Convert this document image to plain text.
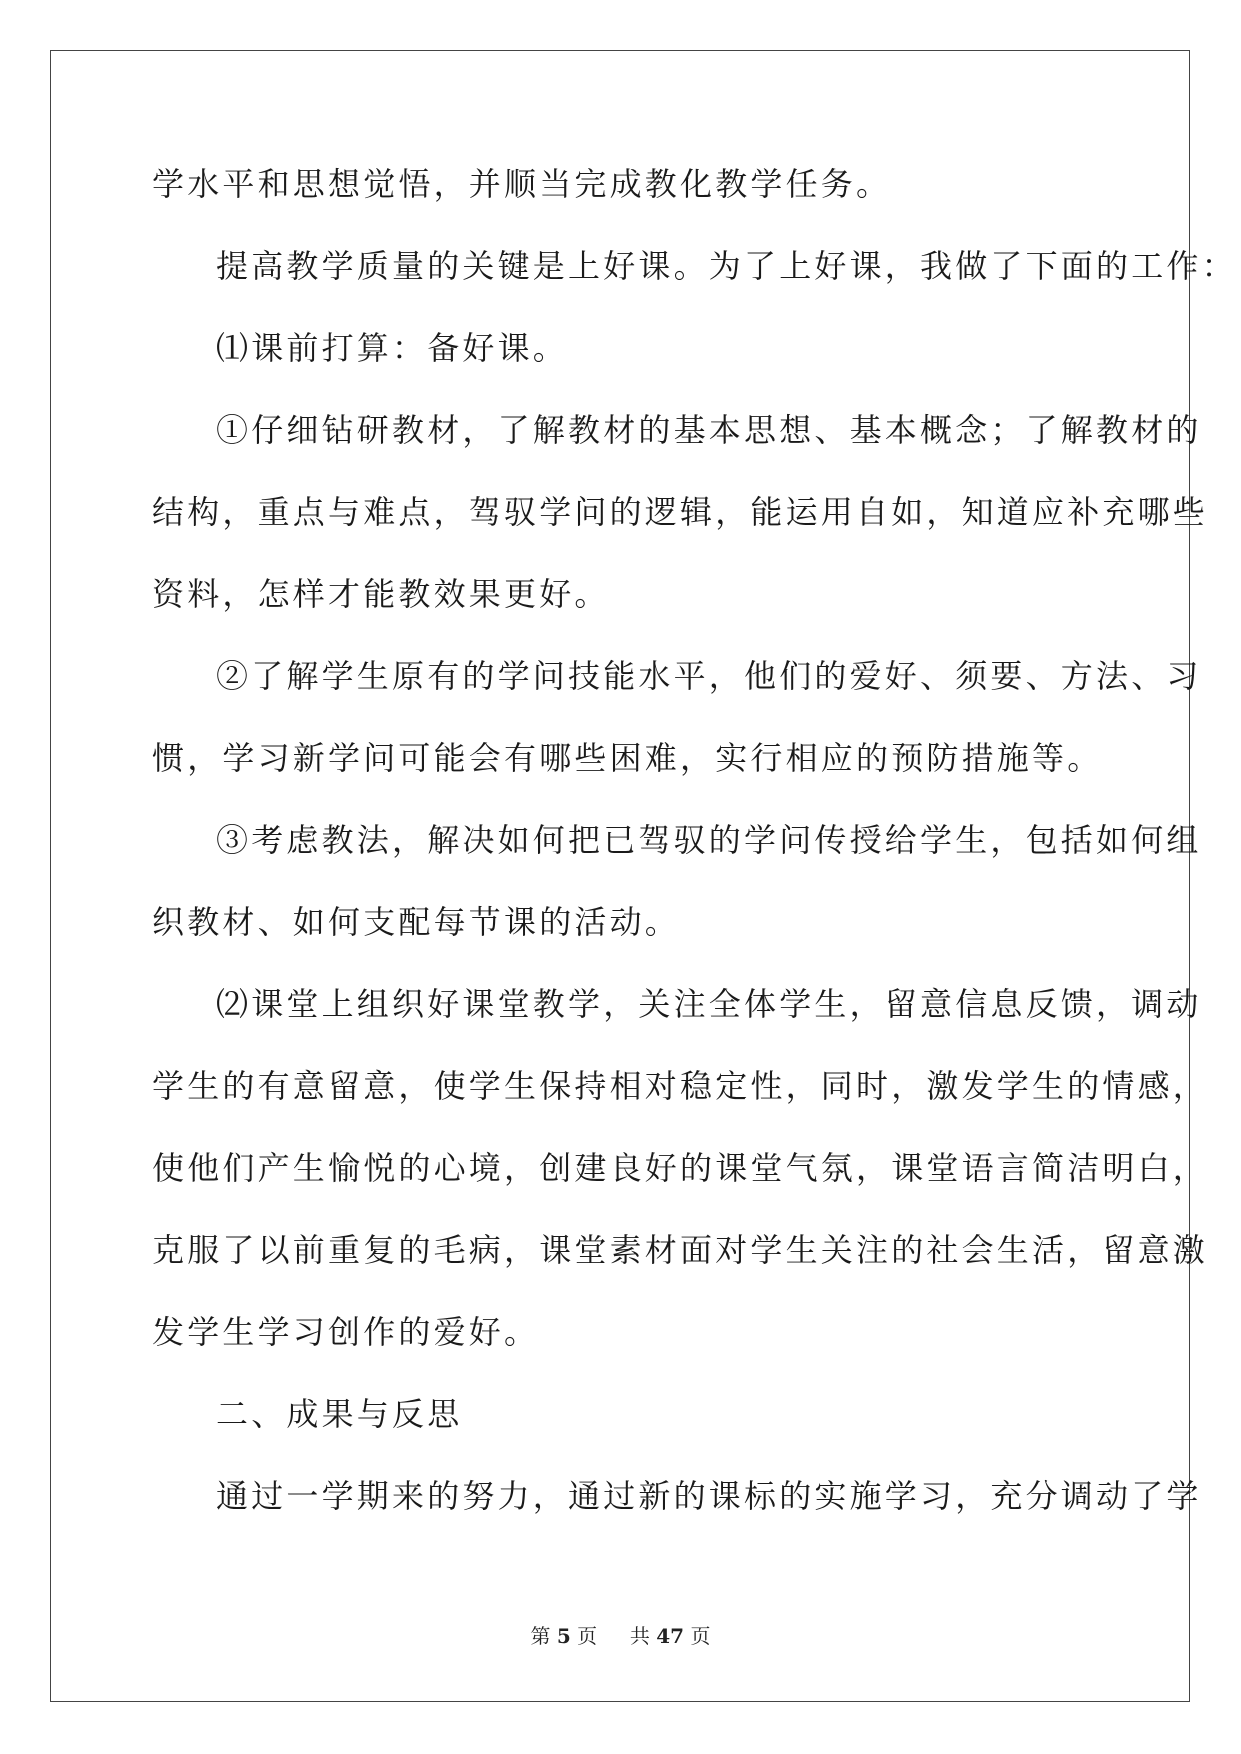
学水平和思想觉悟，并顺当完成教化教学任务。
提高教学质量的关键是上好课。为了上好课，我做了下面的工作：
⑴课前打算：备好课。
①仔细钻研教材，了解教材的基本思想、基本概念；了解教材的
结构，重点与难点，驾驭学问的逻辑，能运用自如，知道应补充哪些
资料，怎样才能教效果更好。
②了解学生原有的学问技能水平，他们的爱好、须要、方法、习
惯，学习新学问可能会有哪些困难，实行相应的预防措施等。
③考虑教法，解决如何把已驾驭的学问传授给学生，包括如何组
织教材、如何支配每节课的活动。
⑵课堂上组织好课堂教学，关注全体学生，留意信息反馈，调动
学生的有意留意，使学生保持相对稳定性，同时，激发学生的情感，
使他们产生愉悦的心境，创建良好的课堂气氛，课堂语言简洁明白，
克服了以前重复的毛病，课堂素材面对学生关注的社会生活，留意激
发学生学习创作的爱好。
二、成果与反思
通过一学期来的努力，通过新的课标的实施学习，充分调动了学
第 5 页 共 47 页
